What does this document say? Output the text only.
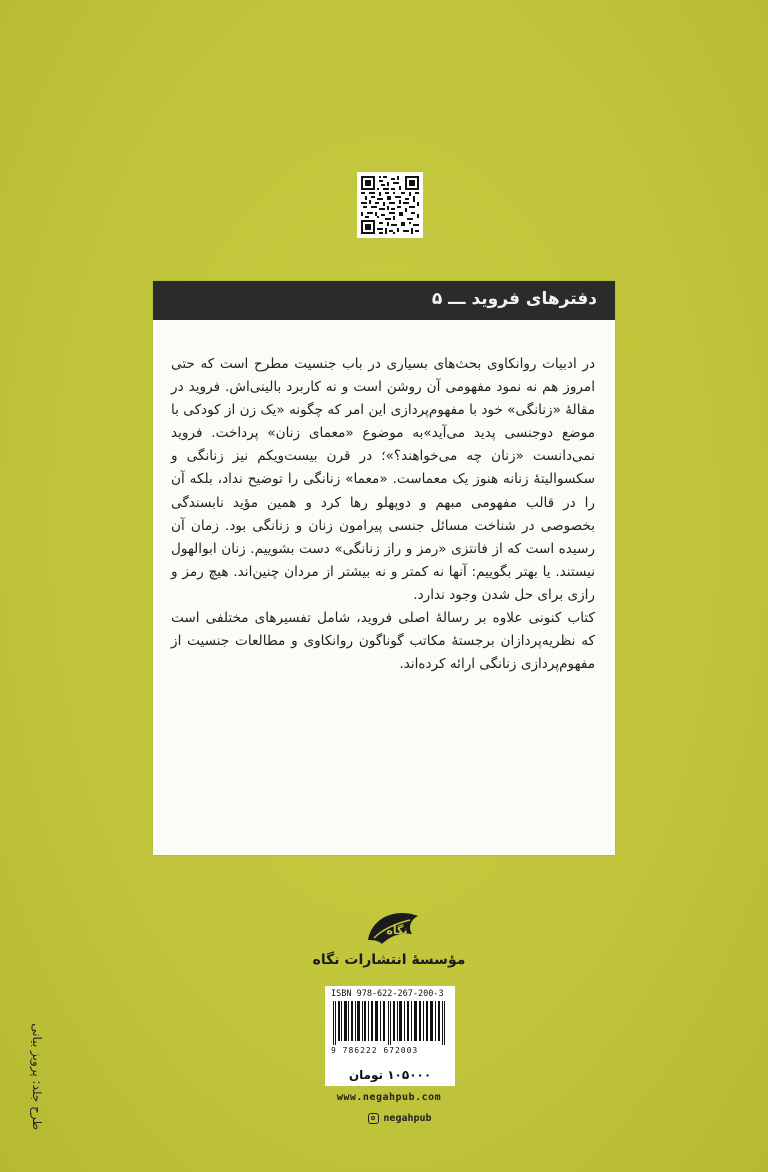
دفترهای فروید ـــ ۵

در ادبیات روانکاوی بحث‌های بسیاری در باب جنسیت مطرح است که حتی امروز هم نه نمود مفهومی آن روشن است و نه کاربرد بالینی‌اش. فروید در مقالهٔ «زنانگی» خود با مفهوم‌پردازی این امر که چگونه «یک زن از کودکی با موضع دوجنسی پدید می‌آید»به موضوع «معمای زنان» پرداخت. فروید نمی‌دانست «زنان چه می‌خواهند؟»؛ در قرن بیست‌ویکم نیز زنانگی و سکسوالیتهٔ زنانه هنوز یک معماست. «معما» زنانگی را توضیح نداد، بلکه آن را در قالب مفهومی مبهم و دوپهلو رها کرد و همین مؤید نابسندگی بخصوصی در شناخت مسائل جنسی پیرامون زنان و زنانگی بود. زمان آن رسیده است که از فانتزی «رمز و راز زنانگی» دست بشوییم. زنان ابوالهول نیستند. یا بهتر بگوییم: آنها نه کمتر و نه بیشتر از مردان چنین‌اند. هیچ رمز و رازی برای حل شدن وجود ندارد.

کتاب کنونی علاوه بر رسالهٔ اصلی فروید، شامل تفسیرهای مختلفی است که نظریه‌پردازان برجستهٔ مکاتب گوناگون روانکاوی و مطالعات جنسیت از مفهوم‌پردازی زنانگی ارائه کرده‌اند.

نگاه
مؤسسهٔ انتشارات نگاه
ISBN 978-622-267-200-3
9 786222 672003
۱۰۵۰۰۰ تومان
www.negahpub.com
negahpub
طرح جلد: پرویز بیانی
